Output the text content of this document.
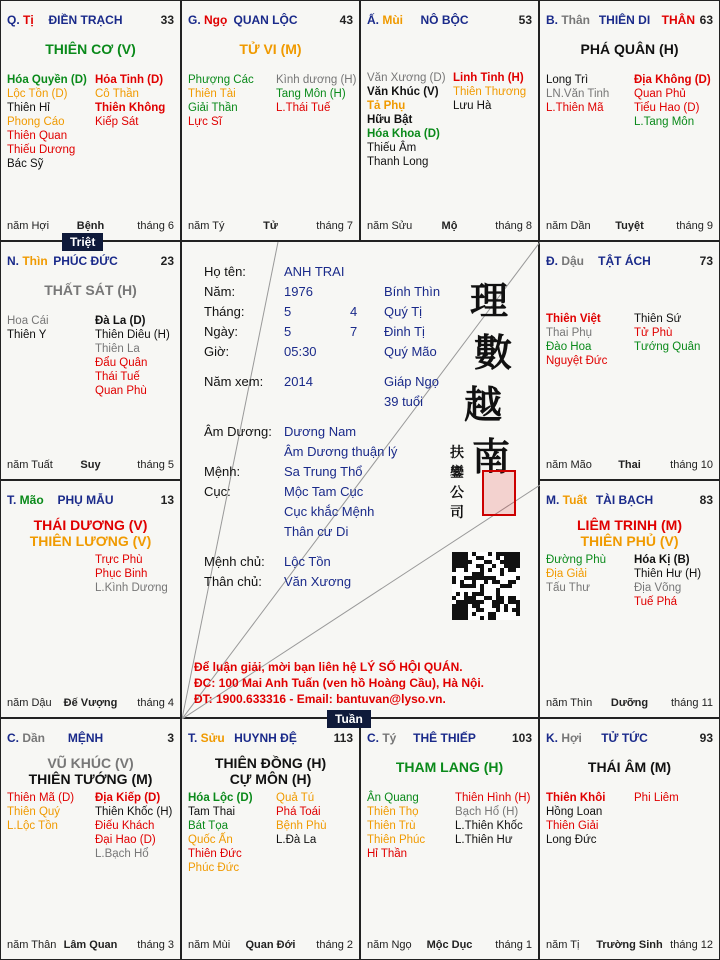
Q. Tị	ĐIỀN TRẠCH	33
THIÊN CƠ (V)
Hóa Quyền (D)
Lộc Tồn (D)
Thiên Hỉ
Phong Cáo
Thiên Quan
Thiếu Dương
Bác Sỹ
Hỏa Tinh (D)
Cô Thần
Thiên Không
Kiếp Sát
năm Hợi	Bệnh	tháng 6
G. Ngọ QUAN LỘC	43
TỬ VI (M)
Phượng Các
Thiên Tài
Giải Thần
Lực Sĩ
Kình dương (H)
Tang Môn (H)
L.Thái Tuế
năm Tý	Tử	tháng 7
Ấ. Mùi	NÔ BỘC	53
Văn Xương (D)
Văn Khúc (V)
Tả Phụ
Hữu Bật
Hóa Khoa (D)
Thiếu Âm
Thanh Long
Linh Tinh (H)
Thiên Thương
Lưu Hà
năm Sửu	Mộ	tháng 8
B. Thân THIÊN DI THÂN 63
PHÁ QUÂN (H)
Long Trì
LN.Văn Tinh
L.Thiên Mã
Địa Không (D)
Quan Phủ
Tiểu Hao (D)
L.Tang Môn
năm Dần	Tuyệt	tháng 9
Đ. Dậu	TẬT ÁCH	73
Thiên Việt
Thai Phụ
Đào Hoa
Nguyệt Đức
Thiên Sứ
Tử Phù
Tướng Quân
năm Mão	Thai	tháng 10
M. Tuất TÀI BẠCH	83
LIÊM TRINH (M)
THIÊN PHỦ (V)
Đường Phù
Địa Giải
Tấu Thư
Hóa Kị (B)
Thiên Hư (H)
Địa Võng
Tuế Phá
năm Thìn	Dưỡng	tháng 11
K. Hợi	TỬ TỨC	93
THÁI ÂM (M)
Thiên Khôi
Hồng Loan
Thiên Giải
Long Đức
Phi Liêm
năm Tị	Trường Sinh tháng 12
C. Tý	THÊ THIẾP	103
THAM LANG (H)
Ân Quang
Thiên Thọ
Thiên Trù
Thiên Phúc
Hỉ Thần
Thiên Hình (H)
Bạch Hổ (H)
L.Thiên Khốc
L.Thiên Hư
năm Ngọ	Mộc Dục	tháng 1
T. Sửu HUYNH ĐỆ	113
THIÊN ĐỒNG (H)
CỰ MÔN (H)
Hóa Lộc (D)
Tam Thai
Bát Tọa
Quốc Ấn
Thiên Đức
Phúc Đức
Quả Tú
Phá Toái
Bệnh Phù
L.Đà La
năm Mùi	Quan Đới	tháng 2
C. Dần	MỆNH	3
VŨ KHÚC (V)
THIÊN TƯỚNG (M)
Thiên Mã (D)
Thiên Quý
L.Lộc Tồn
Địa Kiếp (D)
Thiên Khốc (H)
Điếu Khách
Đại Hao (D)
L.Bạch Hổ
năm Thân Lâm Quan	tháng 3
T. Mão	PHỤ MẪU	13
THÁI DƯƠNG (V)
THIÊN LƯƠNG (V)
Trực Phù
Phục Binh
L.Kình Dương
năm Dậu	Đế Vượng	tháng 4
N. Thìn PHÚC ĐỨC	23
THẤT SÁT (H)
Hoa Cái
Thiên Y
Đà La (D)
Thiên Diêu (H)
Thiên La
Đẩu Quân
Thái Tuế
Quan Phù
năm Tuất	Suy	tháng 5
Họ tên:	ANH TRAI
Năm:	1976	Bính Thìn
Tháng:	5	4 Quý Tị
Ngày:	5	7 Đinh Tị
Giờ:	05:30	Quý Mão
Năm xem: 2014	Giáp Ngọ
39 tuổi
Âm Dương: Dương Nam
Âm Dương thuận lý
Mệnh:	Sa Trung Thổ
Cục:	Mộc Tam Cục
Cục khắc Mệnh
Thân cư Di
Mệnh chủ: Lộc Tồn
Thân chủ: Văn Xương
理
數
越
南
扶
鑾
公
司
Để luận giải, mời bạn liên hệ LÝ SỐ HỘI QUÁN.
ĐC: 100 Mai Anh Tuấn (ven hồ Hoàng Cầu), Hà Nội.
ĐT: 1900.633316 - Email: bantuvan@lyso.vn.
Triệt
Tuần
